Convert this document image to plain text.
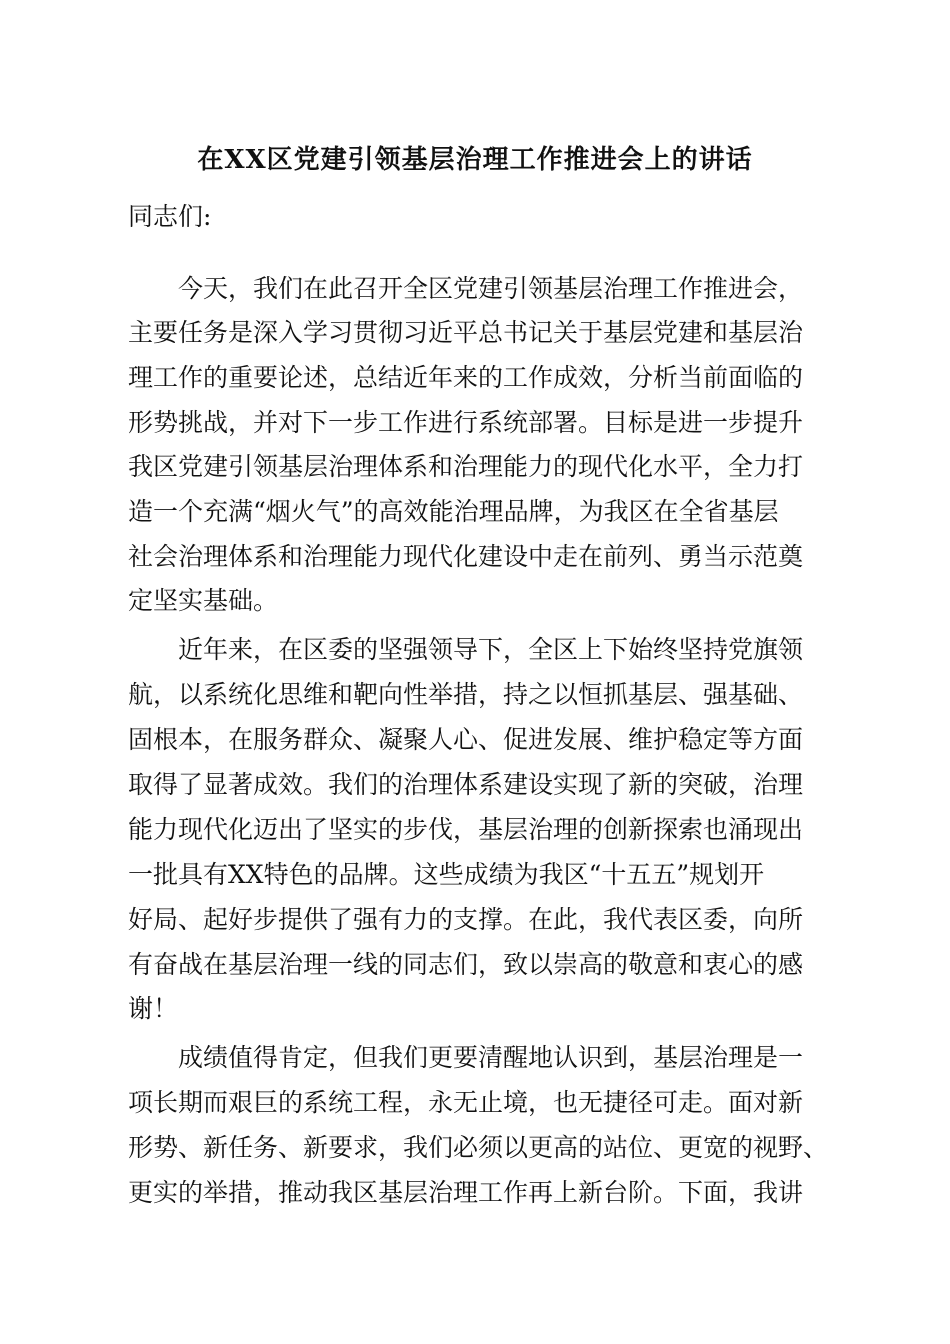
在XX区党建引领基层治理工作推进会上的讲话

同志们:

　　今天，我们在此召开全区党建引领基层治理工作推进会，

主要任务是深入学习贯彻习近平总书记关于基层党建和基层治

理工作的重要论述，总结近年来的工作成效，分析当前面临的

形势挑战，并对下一步工作进行系统部署。目标是进一步提升

我区党建引领基层治理体系和治理能力的现代化水平，全力打

造一个充满“烟火气”的高效能治理品牌，为我区在全省基层

社会治理体系和治理能力现代化建设中走在前列、勇当示范奠

定坚实基础。

　　近年来，在区委的坚强领导下，全区上下始终坚持党旗领

航，以系统化思维和靶向性举措，持之以恒抓基层、强基础、

固根本，在服务群众、凝聚人心、促进发展、维护稳定等方面

取得了显著成效。我们的治理体系建设实现了新的突破，治理

能力现代化迈出了坚实的步伐，基层治理的创新探索也涌现出

一批具有XX特色的品牌。这些成绩为我区“十五五”规划开

好局、起好步提供了强有力的支撑。在此，我代表区委，向所

有奋战在基层治理一线的同志们，致以崇高的敬意和衷心的感

谢！

　　成绩值得肯定，但我们更要清醒地认识到，基层治理是一

项长期而艰巨的系统工程，永无止境，也无捷径可走。面对新

形势、新任务、新要求，我们必须以更高的站位、更宽的视野、

更实的举措，推动我区基层治理工作再上新台阶。下面，我讲
